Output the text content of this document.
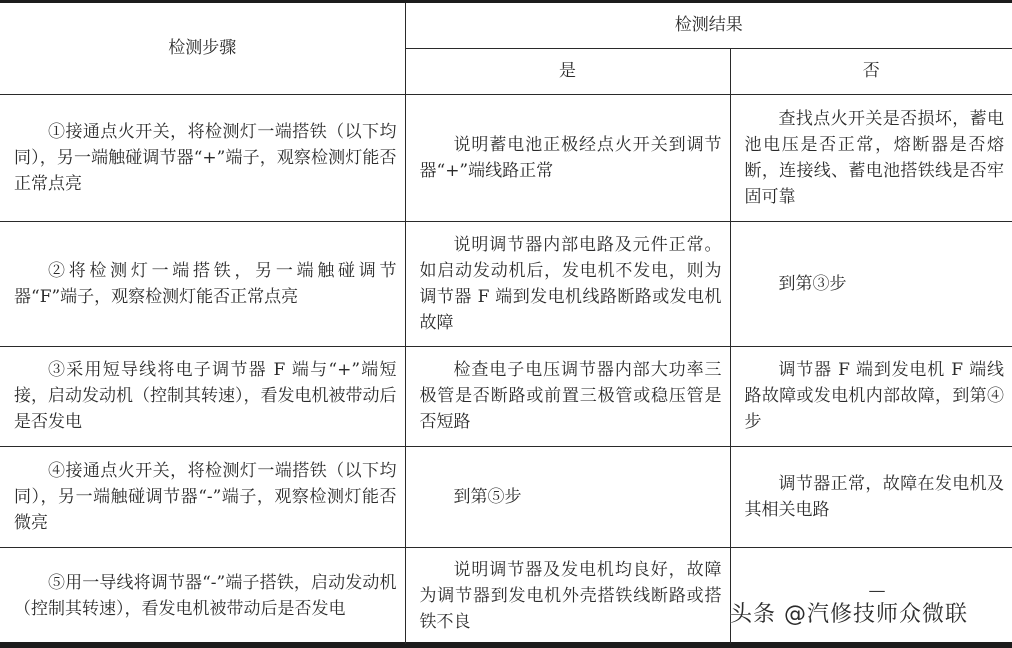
检测步骤	检测结果	
	是	否
①接通点火开关，将检测灯一端搭铁（以下均同），另一端触碰调节器“+”端子，观察检测灯能否正常点亮	说明蓄电池正极经点火开关到调节器“+”端线路正常	查找点火开关是否损坏，蓄电池电压是否正常，熔断器是否熔断，连接线、蓄电池搭铁线是否牢固可靠
②将检测灯一端搭铁，另一端触碰调节器“F”端子，观察检测灯能否正常点亮	说明调节器内部电路及元件正常。如启动发动机后，发电机不发电，则为调节器 F 端到发电机线路断路或发电机故障	到第③步
③采用短导线将电子调节器 F 端与“+”端短接，启动发动机（控制其转速），看发电机被带动后是否发电	检查电子电压调节器内部大功率三极管是否断路或前置三极管或稳压管是否短路	调节器 F 端到发电机 F 端线路故障或发电机内部故障，到第④步
④接通点火开关，将检测灯一端搭铁（以下均同），另一端触碰调节器“-”端子，观察检测灯能否微亮	到第⑤步	调节器正常，故障在发电机及其相关电路
⑤用一导线将调节器“-”端子搭铁，启动发动机（控制其转速），看发电机被带动后是否发电	说明调节器及发电机均良好，故障为调节器到发电机外壳搭铁线断路或搭铁不良	—
头条 @汽修技师众微联
